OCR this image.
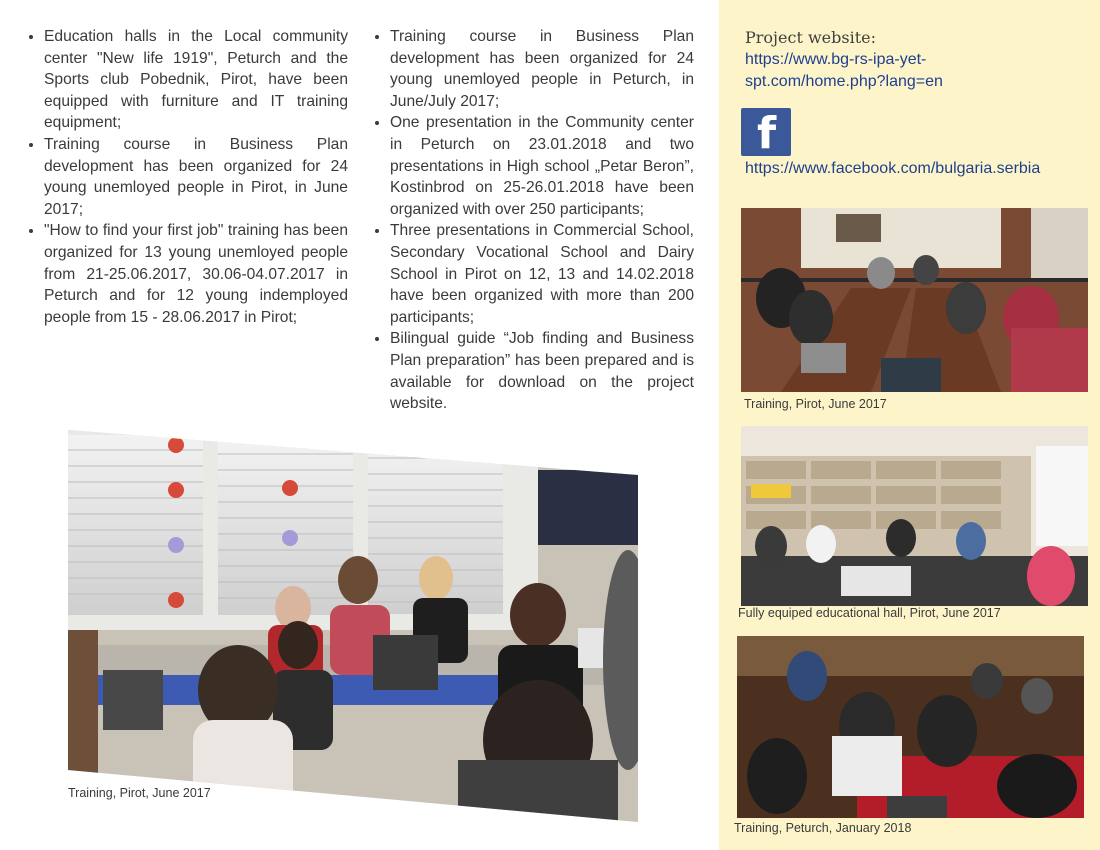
• Education halls in the Local community center "New life 1919", Peturch and the Sports club Pobednik, Pirot, have been equipped with furniture and IT training equipment;
• Training course in Business Plan development has been organized for 24 young unemloyed people in Pirot, in June 2017;
• "How to find your first job" training has been organized for 13 young unemloyed people from 21-25.06.2017, 30.06-04.07.2017 in Peturch and for 12 young indemployed people from 15 - 28.06.2017 in Pirot;
• Training course in Business Plan development has been organized for 24 young unemloyed people in Peturch, in June/July 2017;
• One presentation in the Community center in Peturch on 23.01.2018 and two presentations in High school „Petar Beron”, Kostinbrod on 25-26.01.2018 have been organized with over 250 participants;
• Three presentations in Commercial School, Secondary Vocational School and Dairy School in Pirot on 12, 13 and 14.02.2018 have been organized with more than 200 participants;
• Bilingual guide “Job finding and Business Plan preparation” has been prepared and is available for download on the project website.
Training, Pirot, June 2017
Project website:
https://www.bg-rs-ipa-yet-
spt.com/home.php?lang=en
f
https://www.facebook.com/bulgaria.serbia
Training, Pirot, June 2017
Fully equiped educational hall, Pirot, June 2017
Training, Peturch, January 2018
